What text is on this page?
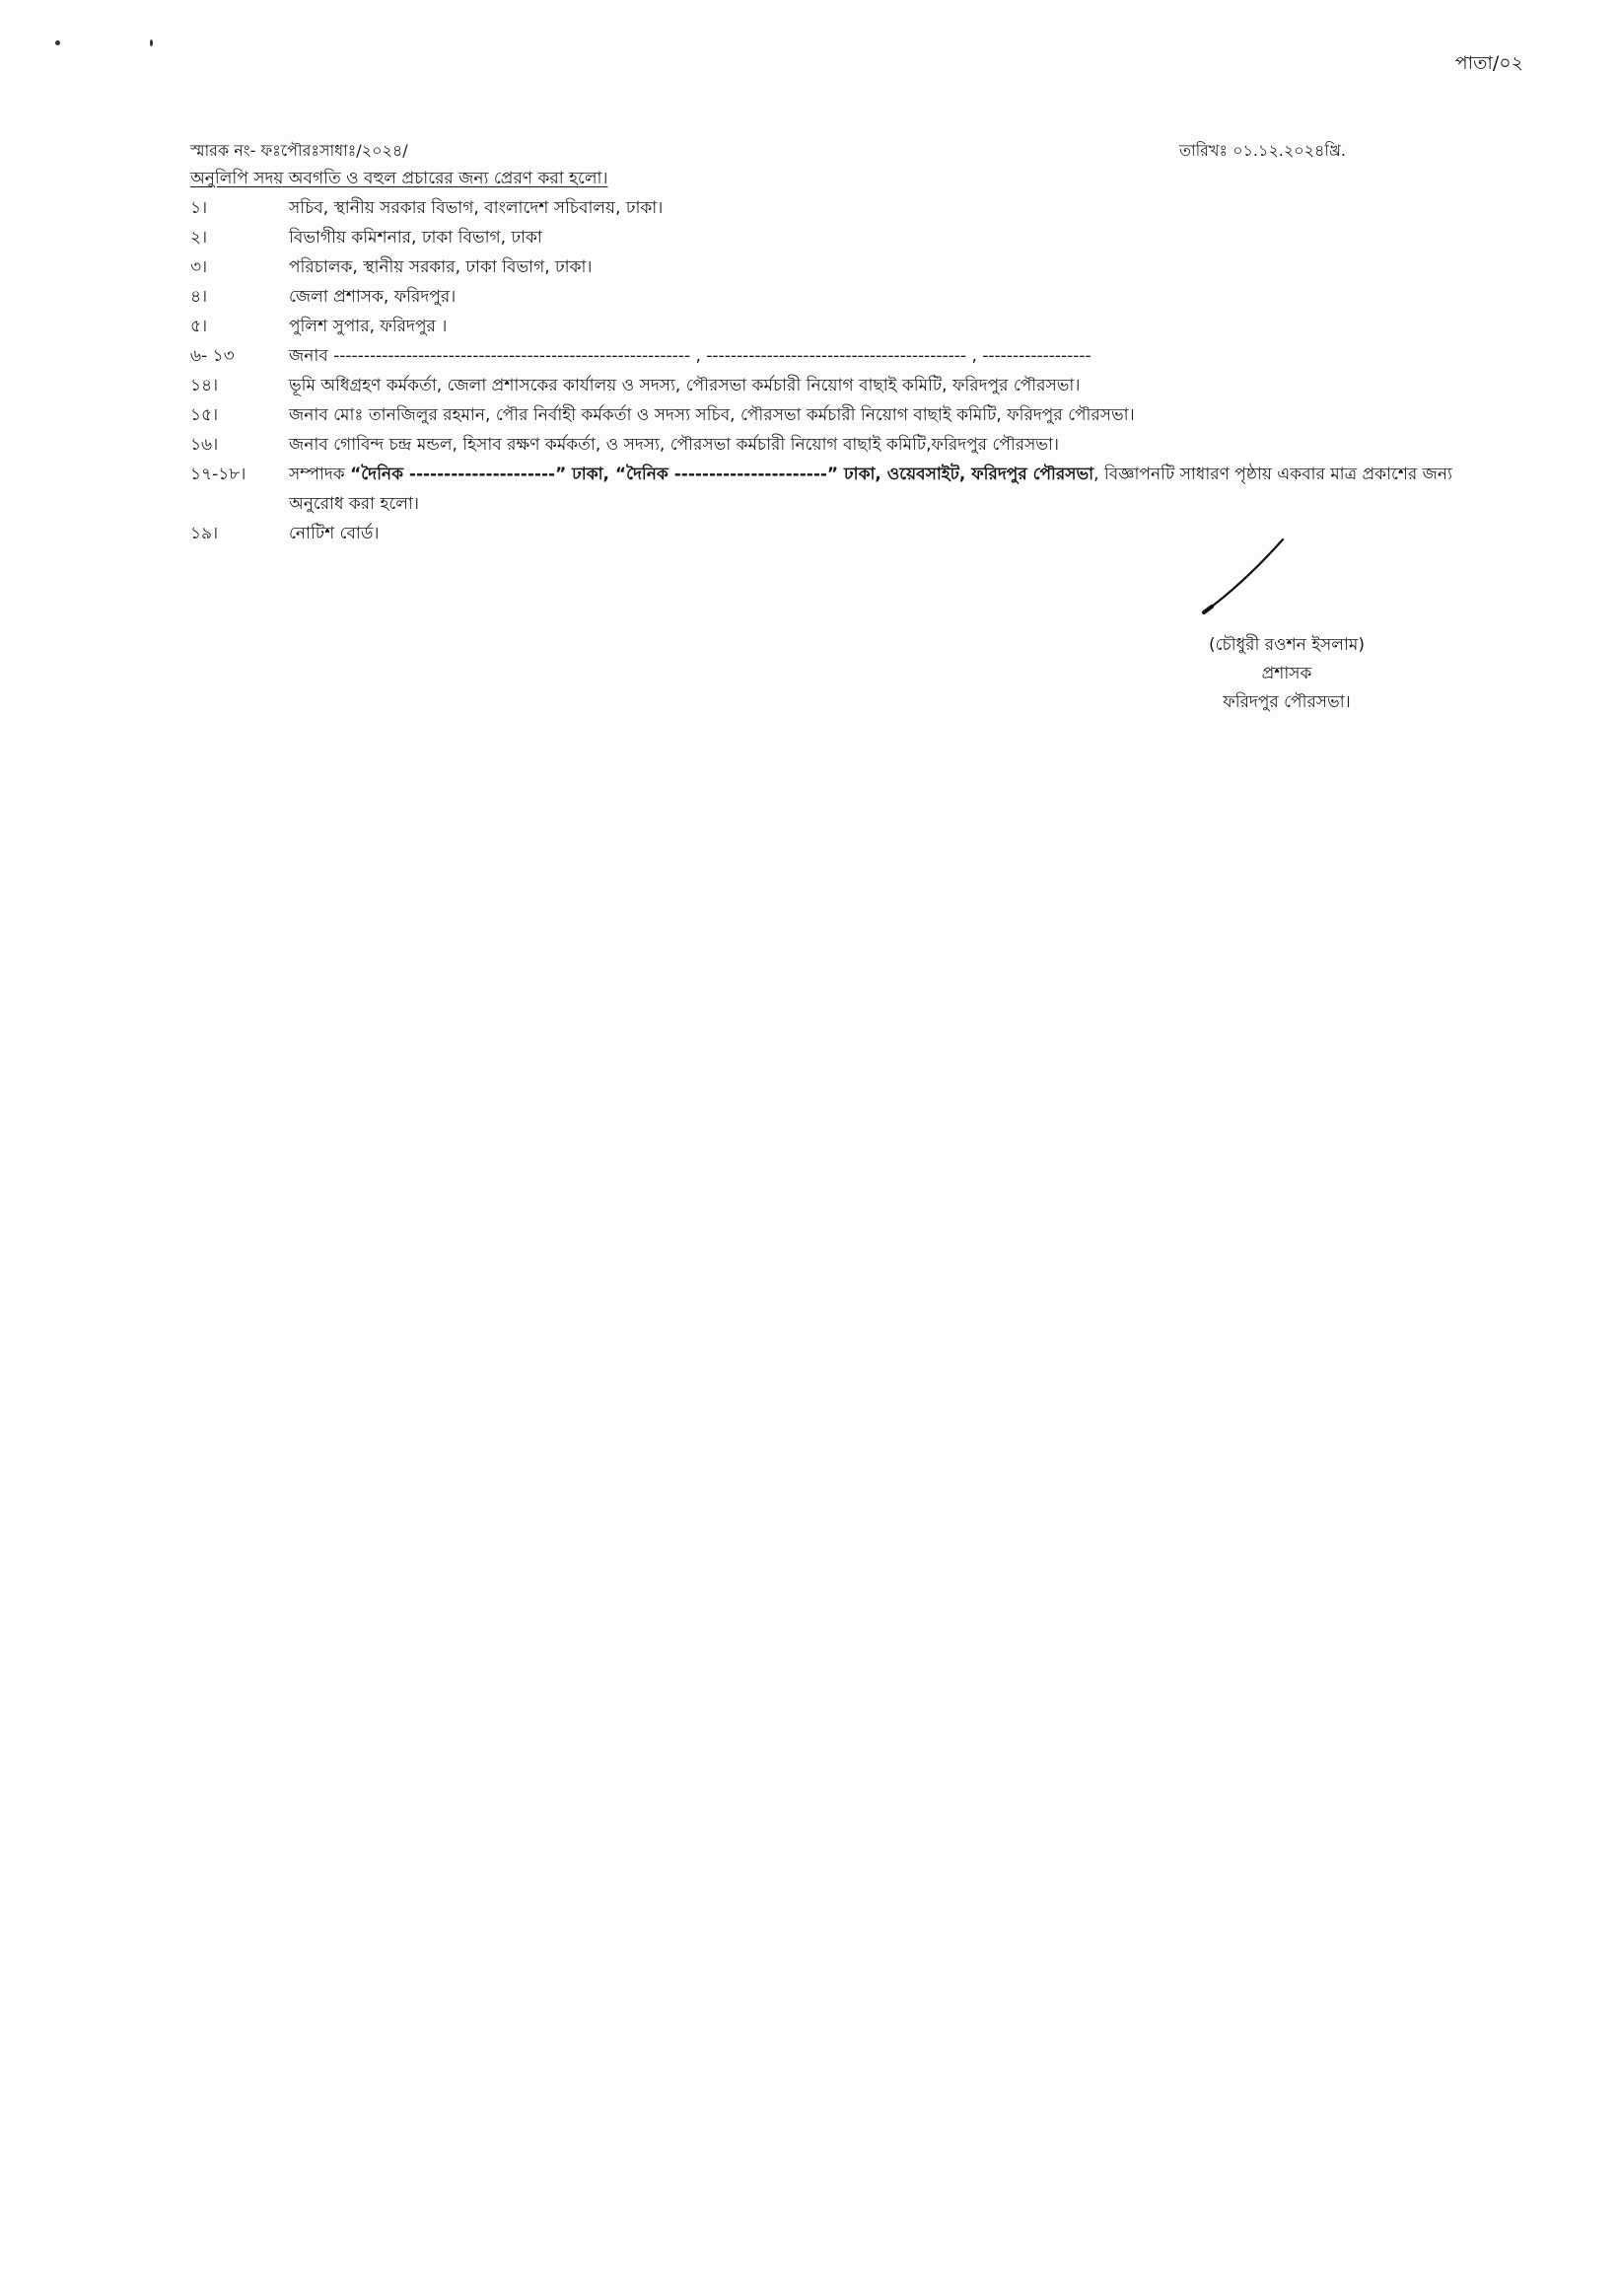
পাতা/০২
স্মারক নং- ফঃপৌরঃসাধাঃ/২০২৪/	তারিখঃ ০১.১২.২০২৪খ্রি.
অনুলিপি সদয় অবগতি ও বহুল প্রচারের জন্য প্রেরণ করা হলো।
১।	সচিব, স্থানীয় সরকার বিভাগ, বাংলাদেশ সচিবালয়, ঢাকা।
২।	বিভাগীয় কমিশনার, ঢাকা বিভাগ, ঢাকা
৩।	পরিচালক, স্থানীয় সরকার, ঢাকা বিভাগ, ঢাকা।
৪।	জেলা প্রশাসক, ফরিদপুর।
৫।	পুলিশ সুপার, ফরিদপুর ।
৬- ১৩	জনাব ----------------------------------------------------------- , ------------------------------------------- , ------------------
১৪।	ভূমি অধিগ্রহণ কর্মকর্তা, জেলা প্রশাসকের কার্যালয় ও সদস্য, পৌরসভা কর্মচারী নিয়োগ বাছাই কমিটি, ফরিদপুর পৌরসভা।
১৫।	জনাব মোঃ তানজিলুর রহমান, পৌর নির্বাহী কর্মকর্তা ও সদস্য সচিব, পৌরসভা কর্মচারী নিয়োগ বাছাই কমিটি, ফরিদপুর পৌরসভা।
১৬।	জনাব গোবিন্দ চন্দ্র মন্ডল, হিসাব রক্ষণ কর্মকর্তা, ও সদস্য, পৌরসভা কর্মচারী নিয়োগ বাছাই কমিটি,ফরিদপুর পৌরসভা।
১৭-১৮।	সম্পাদক “দৈনিক ---------------------” ঢাকা, “দৈনিক ----------------------” ঢাকা, ওয়েবসাইট, ফরিদপুর পৌরসভা, বিজ্ঞাপনটি সাধারণ পৃষ্ঠায় একবার মাত্র প্রকাশের জন্য অনুরোধ করা হলো।
১৯।	নোটিশ বোর্ড।
(চৌধুরী রওশন ইসলাম)
প্রশাসক
ফরিদপুর পৌরসভা।
